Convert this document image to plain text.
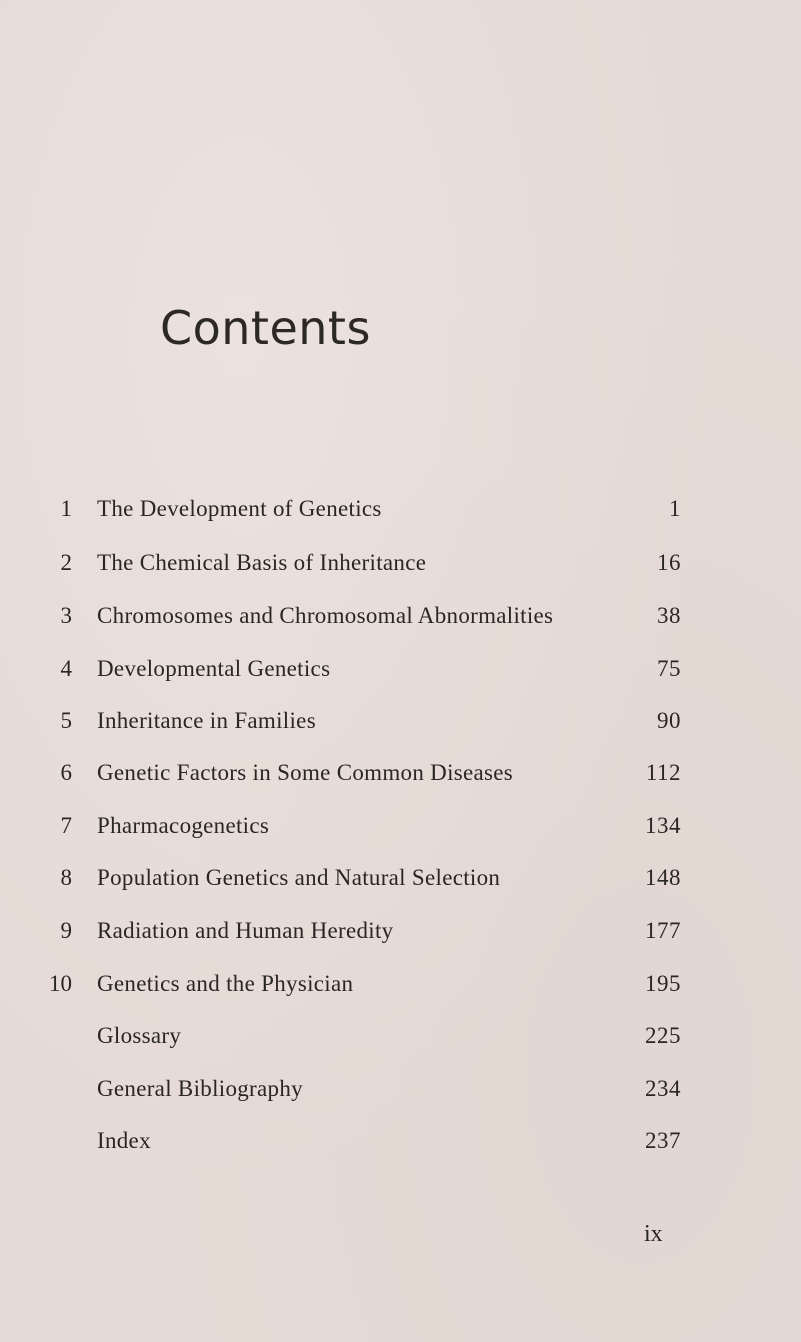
Contents
1 The Development of Genetics	1
2 The Chemical Basis of Inheritance	16
3 Chromosomes and Chromosomal Abnormalities	38
4 Developmental Genetics	75
5 Inheritance in Families	90
6 Genetic Factors in Some Common Diseases	112
7 Pharmacogenetics	134
8 Population Genetics and Natural Selection	148
9 Radiation and Human Heredity	177
10 Genetics and the Physician	195
Glossary	225
General Bibliography	234
Index	237
ix
